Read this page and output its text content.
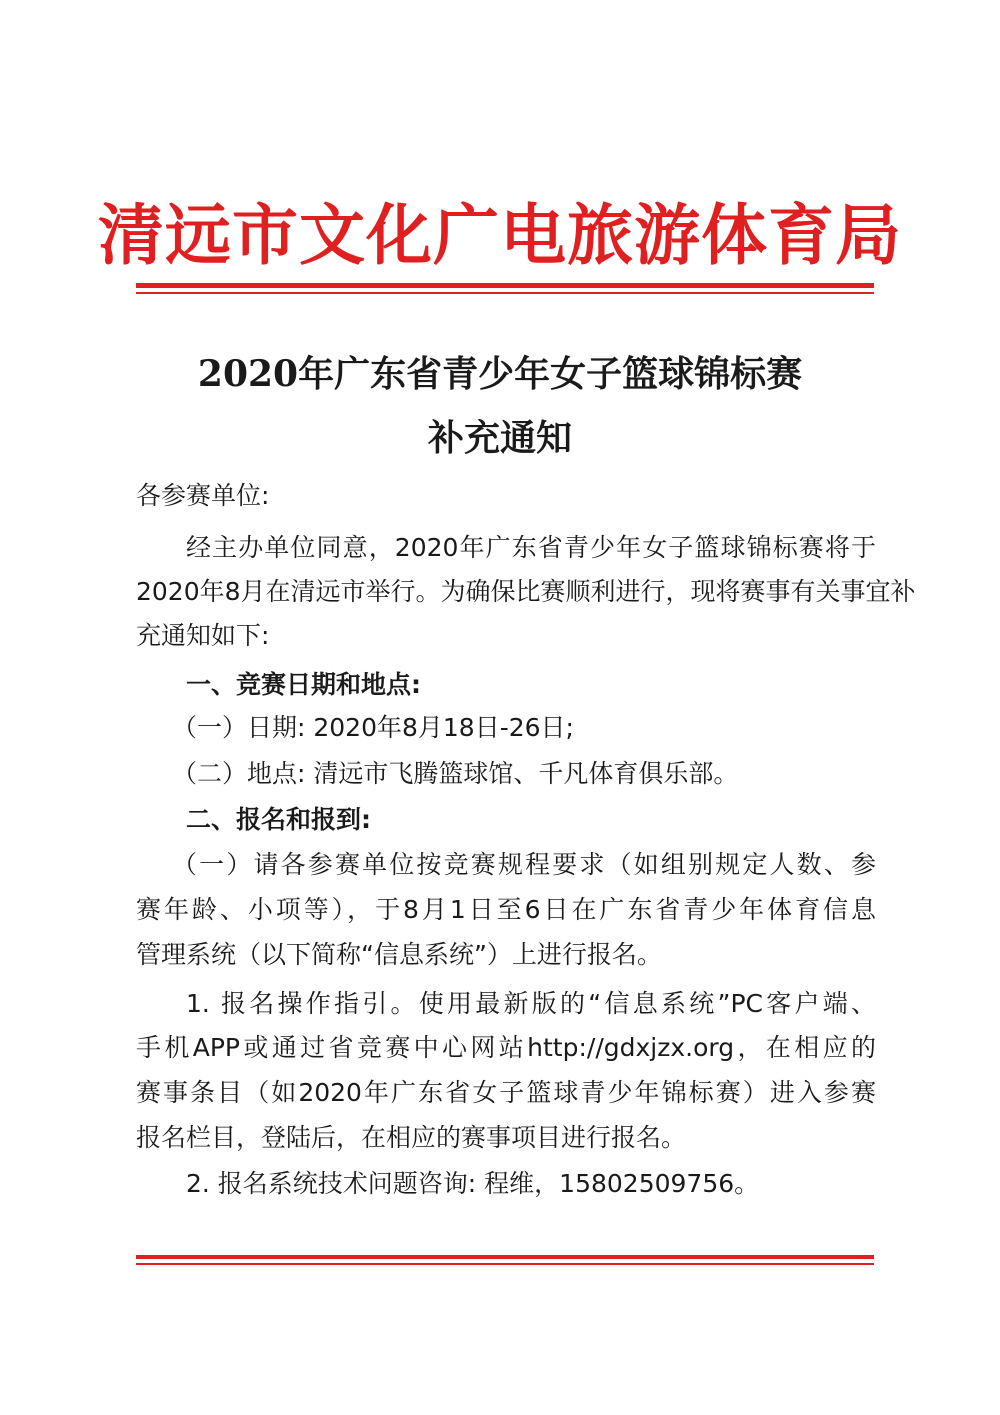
清远市文化广电旅游体育局
2020年广东省青少年女子篮球锦标赛
补充通知
各参赛单位:
经主办单位同意，2020年广东省青少年女子篮球锦标赛将于
2020年8月在清远市举行。为确保比赛顺利进行，现将赛事有关事宜补
充通知如下:
一、竞赛日期和地点:
（一）日期: 2020年8月18日-26日;
（二）地点: 清远市飞腾篮球馆、千凡体育俱乐部。
二、报名和报到:
（一）请各参赛单位按竞赛规程要求（如组别规定人数、参
赛年龄、小项等），于8月1日至6日在广东省青少年体育信息
管理系统（以下简称“信息系统”）上进行报名。
1. 报名操作指引。使用最新版的“信息系统”PC客户端、
手机APP或通过省竞赛中心网站http://gdxjzx.org，在相应的
赛事条目（如2020年广东省女子篮球青少年锦标赛）进入参赛
报名栏目，登陆后，在相应的赛事项目进行报名。
2. 报名系统技术问题咨询: 程维，15802509756。
